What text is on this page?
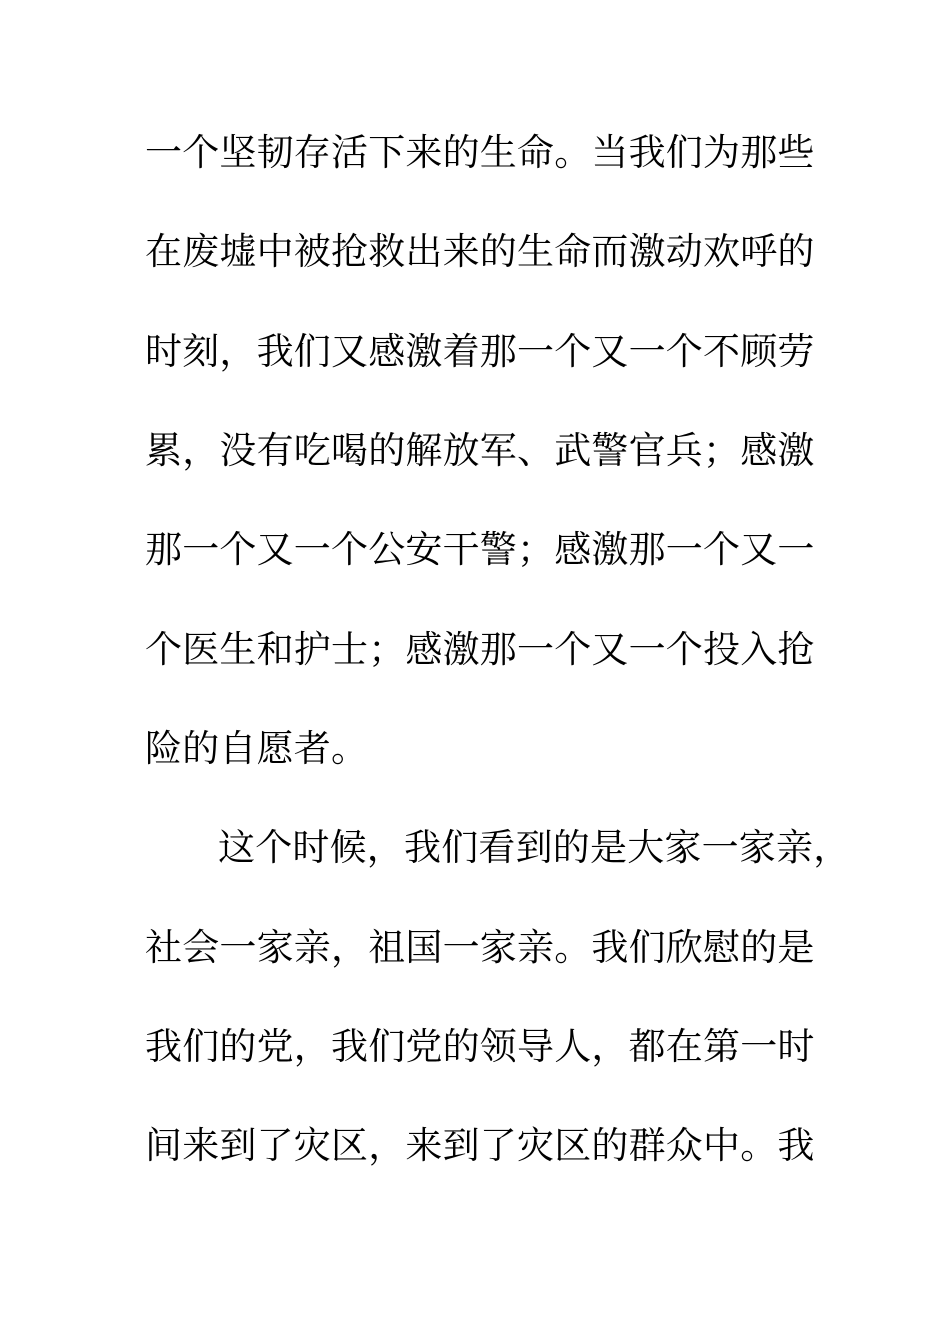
一个坚韧存活下来的生命。当我们为那些
在废墟中被抢救出来的生命而激动欢呼的
时刻，我们又感激着那一个又一个不顾劳
累，没有吃喝的解放军、武警官兵；感激
那一个又一个公安干警；感激那一个又一
个医生和护士；感激那一个又一个投入抢
险的自愿者。
这个时候，我们看到的是大家一家亲，
社会一家亲，祖国一家亲。我们欣慰的是
我们的党，我们党的领导人，都在第一时
间来到了灾区，来到了灾区的群众中。我
